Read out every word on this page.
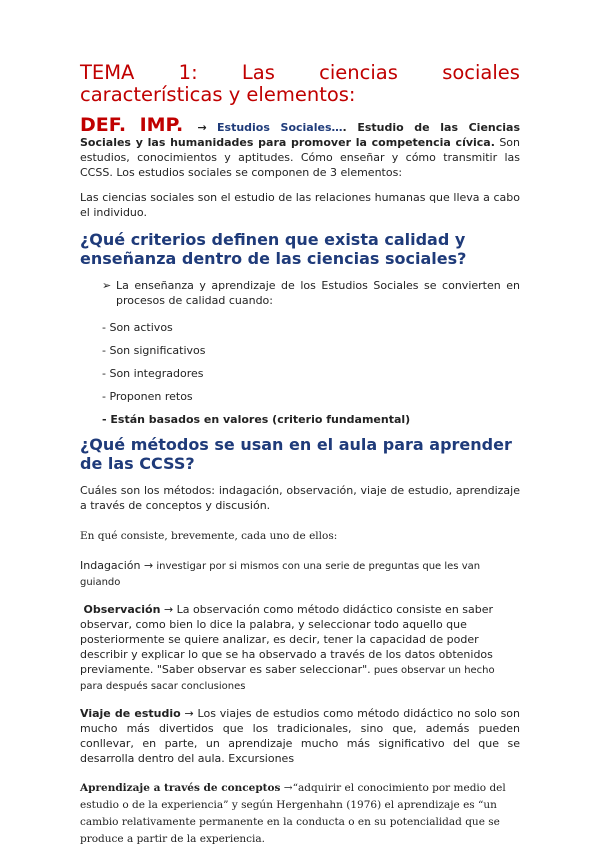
TEMA 1: Las ciencias sociales
características y elementos:

DEF. IMP. → Estudios Sociales…. Estudio de las Ciencias Sociales y las humanidades para promover la competencia cívica. Son estudios, conocimientos y aptitudes. Cómo enseñar y cómo transmitir las CCSS. Los estudios sociales se componen de 3 elementos:

Las ciencias sociales son el estudio de las relaciones humanas que lleva a cabo el individuo.

¿Qué criterios definen que exista calidad y enseñanza dentro de las ciencias sociales?
➢ La enseñanza y aprendizaje de los Estudios Sociales se convierten en procesos de calidad cuando:
- Son activos
- Son significativos
- Son integradores
- Proponen retos
- Están basados en valores (criterio fundamental)
¿Qué métodos se usan en el aula para aprender de las CCSS?

Cuáles son los métodos: indagación, observación, viaje de estudio, aprendizaje a través de conceptos y discusión.

En qué consiste, brevemente, cada uno de ellos:

Indagación → investigar por si mismos con una serie de preguntas que les van guiando

Observación → La observación como método didáctico consiste en saber observar, como bien lo dice la palabra, y seleccionar todo aquello que posteriormente se quiere analizar, es decir, tener la capacidad de poder describir y explicar lo que se ha observado a través de los datos obtenidos previamente. "Saber observar es saber seleccionar". pues observar un hecho para después sacar conclusiones

Viaje de estudio → Los viajes de estudios como método didáctico no solo son mucho más divertidos que los tradicionales, sino que, además pueden conllevar, en parte, un aprendizaje mucho más significativo del que se desarrolla dentro del aula. Excursiones

Aprendizaje a través de conceptos →“adquirir el conocimiento por medio del estudio o de la experiencia” y según Hergenhahn (1976) el aprendizaje es “un cambio relativamente permanente en la conducta o en su potencialidad que se produce a partir de la experiencia.
